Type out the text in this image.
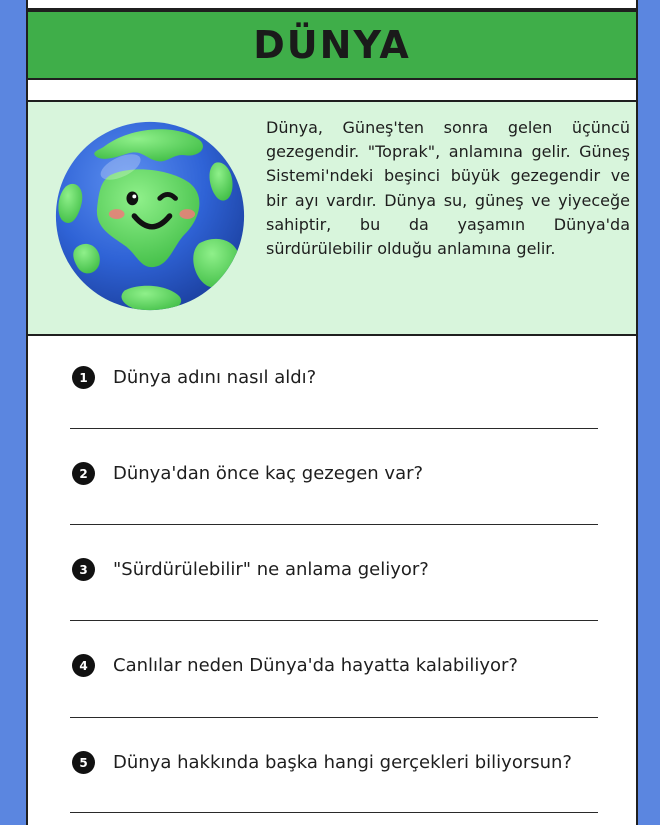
DÜNYA

Dünya, Güneş'ten sonra gelen üçüncü gezegendir. "Toprak", anlamına gelir. Güneş Sistemi'ndeki beşinci büyük gezegendir ve bir ayı vardır. Dünya su, güneş ve yiyeceğe sahiptir, bu da yaşamın Dünya'da sürdürülebilir olduğu anlamına gelir.

1	Dünya adını nasıl aldı?
2	Dünya'dan önce kaç gezegen var?
3	"Sürdürülebilir" ne anlama geliyor?
4	Canlılar neden Dünya'da hayatta kalabiliyor?
5	Dünya hakkında başka hangi gerçekleri biliyorsun?
